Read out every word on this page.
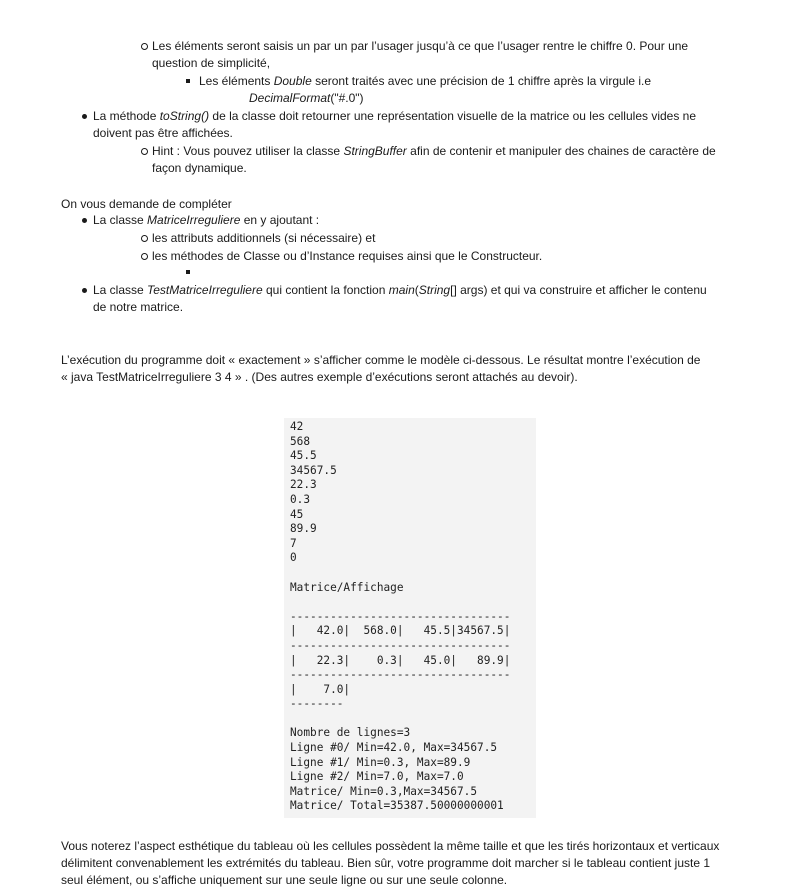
Les éléments seront saisis un par un par l’usager jusqu’à ce que l’usager rentre le chiffre 0. Pour une
question de simplicité,
Les éléments Double seront traités avec une précision de 1 chiffre après la virgule i.e
DecimalFormat("#.0")
La méthode toString() de la classe doit retourner une représentation visuelle de la matrice ou les cellules vides ne
doivent pas être affichées.
Hint : Vous pouvez utiliser la classe StringBuffer afin de contenir et manipuler des chaines de caractère de
façon dynamique.
On vous demande de compléter
La classe MatriceIrreguliere en y ajoutant :
les attributs additionnels (si nécessaire) et
les méthodes de Classe ou d’Instance requises ainsi que le Constructeur.
La classe TestMatriceIrreguliere qui contient la fonction main(String[] args) et qui va construire et afficher le contenu
de notre matrice.
L’exécution du programme doit « exactement » s’afficher comme le modèle ci-dessous. Le résultat montre l’exécution de
« java TestMatriceIrreguliere 3 4 » . (Des autres exemple d’exécutions seront attachés au devoir).
42
568
45.5
34567.5
22.3
0.3
45
89.9
7
0

Matrice/Affichage

---------------------------------
|   42.0|  568.0|   45.5|34567.5|
---------------------------------
|   22.3|    0.3|   45.0|   89.9|
---------------------------------
|    7.0|
--------

Nombre de lignes=3
Ligne #0/ Min=42.0, Max=34567.5
Ligne #1/ Min=0.3, Max=89.9
Ligne #2/ Min=7.0, Max=7.0
Matrice/ Min=0.3,Max=34567.5
Matrice/ Total=35387.50000000001
Vous noterez l’aspect esthétique du tableau où les cellules possèdent la même taille et que les tirés horizontaux et verticaux
délimitent convenablement les extrémités du tableau. Bien sûr, votre programme doit marcher si le tableau contient juste 1
seul élément, ou s’affiche uniquement sur une seule ligne ou sur une seule colonne.
